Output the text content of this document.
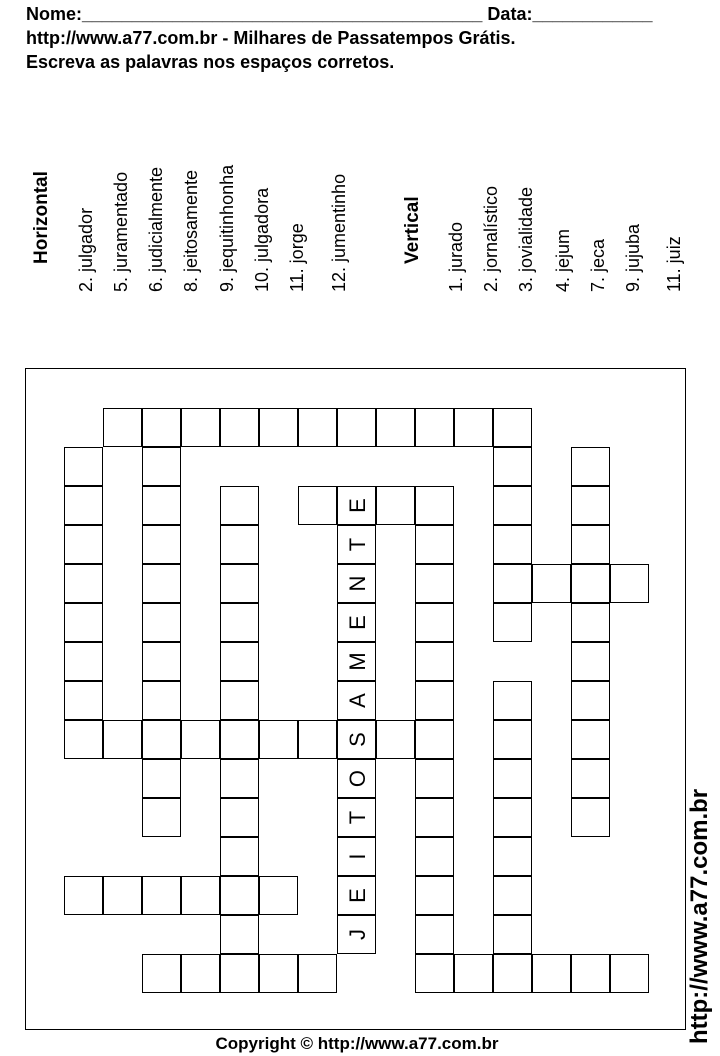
Nome:________________________________________ Data:____________
http://www.a77.com.br - Milhares de Passatempos Grátis.
Escreva as palavras nos espaços corretos.
Horizontal 2. julgador 5. juramentado 6. judicialmente 8. jeitosamente 9. jequitinhonha 10. julgadora 11. jorge 12. jumentinho	Vertical 1. jurado 2. jornalístico 3. jovialidade 4. jejum 7. jeca 9. jujuba 11. juiz
J
E
I
T
O
S
A
M
E
N
T
E
http://www.a77.com.br
Copyright © http://www.a77.com.br
